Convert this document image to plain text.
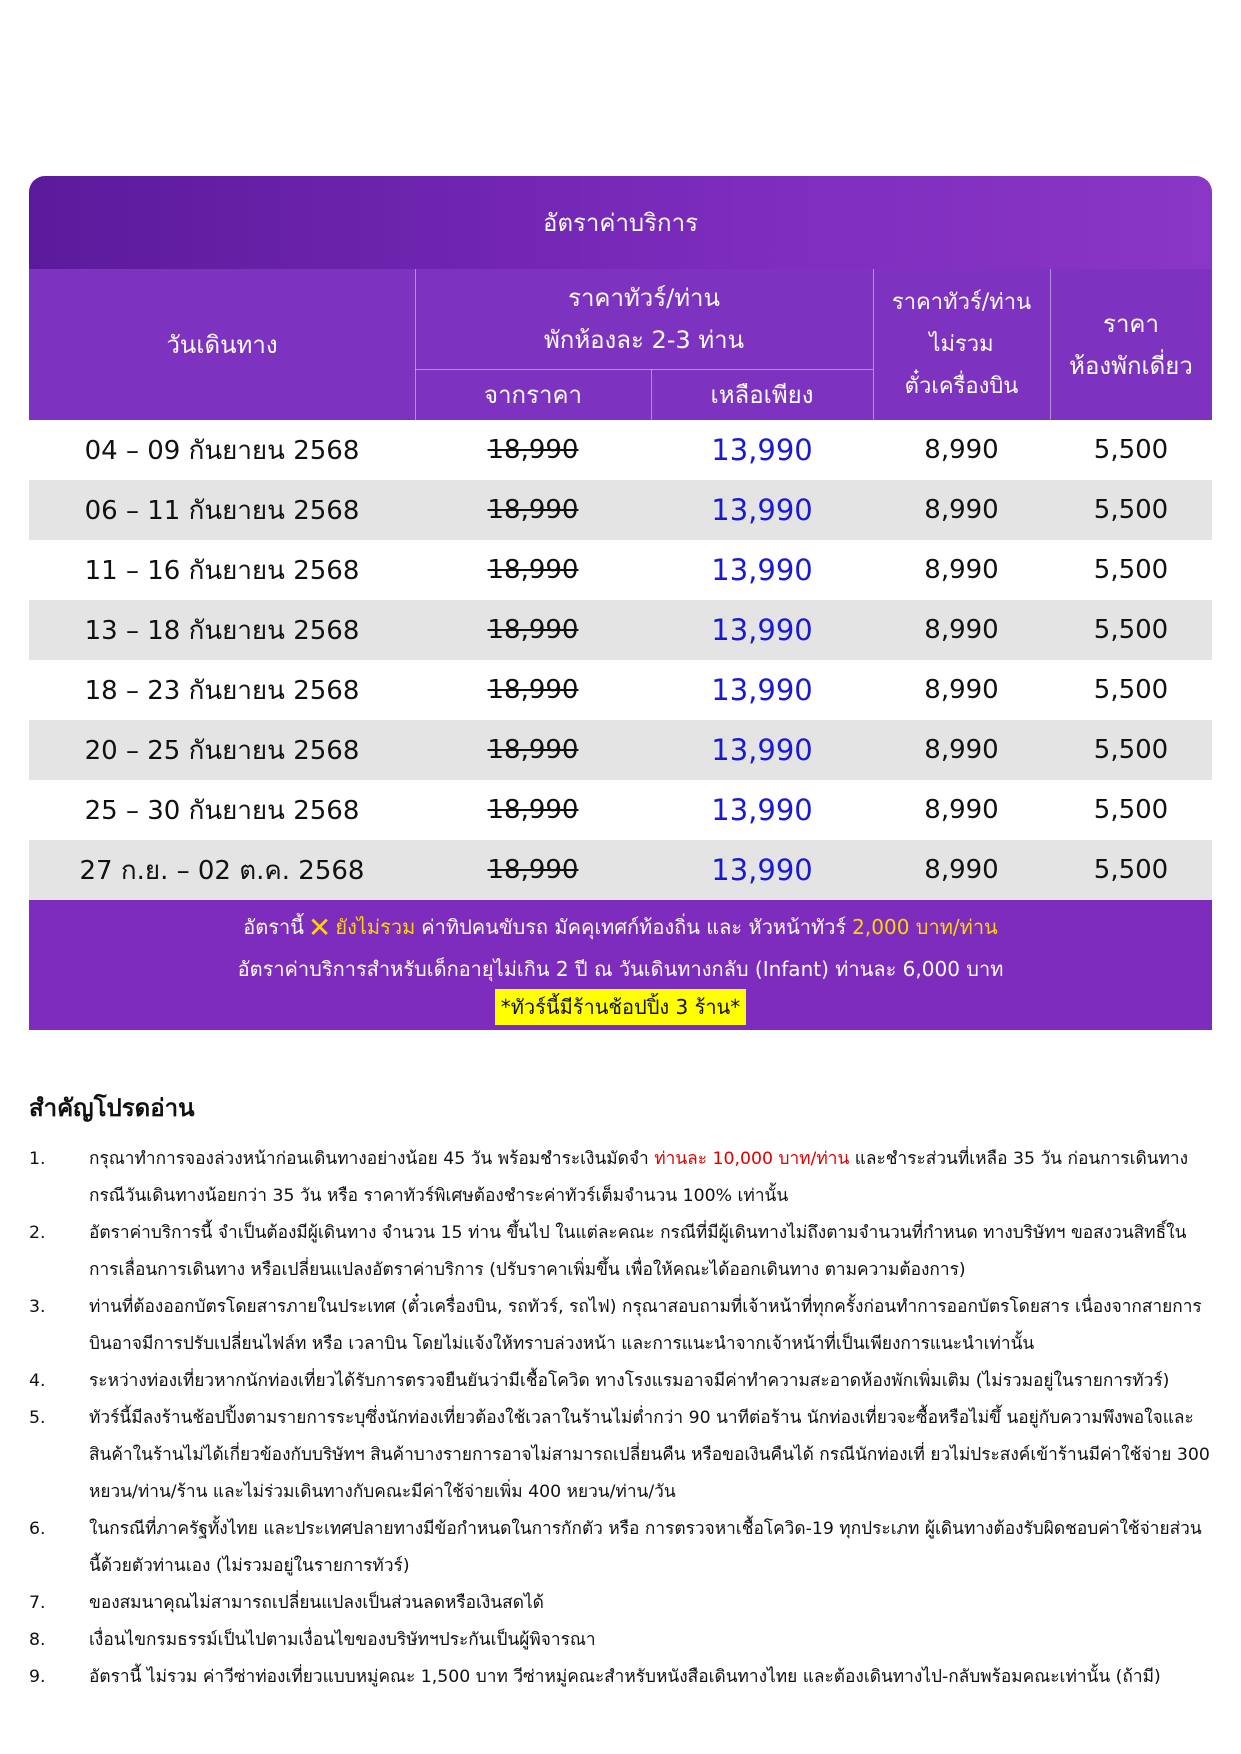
อัตราค่าบริการ
วันเดินทาง
ราคาทัวร์/ท่าน
พักห้องละ 2-3 ท่าน
จากราคา	เหลือเพียง
ราคาทัวร์/ท่าน
ไม่รวม
ตั๋วเครื่องบิน
ราคา
ห้องพักเดี่ยว
04 – 09 กันยายน 2568	18,990	13,990	8,990	5,500
06 – 11 กันยายน 2568	18,990	13,990	8,990	5,500
11 – 16 กันยายน 2568	18,990	13,990	8,990	5,500
13 – 18 กันยายน 2568	18,990	13,990	8,990	5,500
18 – 23 กันยายน 2568	18,990	13,990	8,990	5,500
20 – 25 กันยายน 2568	18,990	13,990	8,990	5,500
25 – 30 กันยายน 2568	18,990	13,990	8,990	5,500
27 ก.ย. – 02 ต.ค. 2568	18,990	13,990	8,990	5,500
อัตรานี้ ✕ ยังไม่รวม ค่าทิปคนขับรถ มัคคุเทศก์ท้องถิ่น และ หัวหน้าทัวร์ 2,000 บาท/ท่าน
อัตราค่าบริการสำหรับเด็กอายุไม่เกิน 2 ปี ณ วันเดินทางกลับ (Infant) ท่านละ 6,000 บาท
*ทัวร์นี้มีร้านช้อปปิ้ง 3 ร้าน*
สำคัญโปรดอ่าน
1.	กรุณาทำการจองล่วงหน้าก่อนเดินทางอย่างน้อย 45 วัน พร้อมชำระเงินมัดจำ ท่านละ 10,000 บาท/ท่าน และชำระส่วนที่เหลือ 35 วัน ก่อนการเดินทาง กรณีวันเดินทางน้อยกว่า 35 วัน หรือ ราคาทัวร์พิเศษต้องชำระค่าทัวร์เต็มจำนวน 100% เท่านั้น
2.	อัตราค่าบริการนี้ จำเป็นต้องมีผู้เดินทาง จำนวน 15 ท่าน ขึ้นไป ในแต่ละคณะ กรณีที่มีผู้เดินทางไม่ถึงตามจำนวนที่กำหนด ทางบริษัทฯ ขอสงวนสิทธิ์ในการเลื่อนการเดินทาง หรือเปลี่ยนแปลงอัตราค่าบริการ (ปรับราคาเพิ่มขึ้น เพื่อให้คณะได้ออกเดินทาง ตามความต้องการ)
3.	ท่านที่ต้องออกบัตรโดยสารภายในประเทศ (ตั๋วเครื่องบิน, รถทัวร์, รถไฟ) กรุณาสอบถามที่เจ้าหน้าที่ทุกครั้งก่อนทำการออกบัตรโดยสาร เนื่องจากสายการบินอาจมีการปรับเปลี่ยนไฟล์ท หรือ เวลาบิน โดยไม่แจ้งให้ทราบล่วงหน้า และการแนะนำจากเจ้าหน้าที่เป็นเพียงการแนะนำเท่านั้น
4.	ระหว่างท่องเที่ยวหากนักท่องเที่ยวได้รับการตรวจยืนยันว่ามีเชื้อโควิด ทางโรงแรมอาจมีค่าทำความสะอาดห้องพักเพิ่มเติม (ไม่รวมอยู่ในรายการทัวร์)
5.	ทัวร์นี้มีลงร้านช้อปปิ้งตามรายการระบุซึ่งนักท่องเที่ยวต้องใช้เวลาในร้านไม่ต่ำกว่า 90 นาทีต่อร้าน นักท่องเที่ยวจะซื้อหรือไม่ขึ้ นอยู่กับความพึงพอใจและสินค้าในร้านไม่ได้เกี่ยวข้องกับบริษัทฯ สินค้าบางรายการอาจไม่สามารถเปลี่ยนคืน หรือขอเงินคืนได้ กรณีนักท่องเที่ ยวไม่ประสงค์เข้าร้านมีค่าใช้จ่าย 300 หยวน/ท่าน/ร้าน และไม่ร่วมเดินทางกับคณะมีค่าใช้จ่ายเพิ่ม 400 หยวน/ท่าน/วัน
6.	ในกรณีที่ภาครัฐทั้งไทย และประเทศปลายทางมีข้อกำหนดในการกักตัว หรือ การตรวจหาเชื้อโควิด-19 ทุกประเภท ผู้เดินทางต้องรับผิดชอบค่าใช้จ่ายส่วนนี้ด้วยตัวท่านเอง (ไม่รวมอยู่ในรายการทัวร์)
7.	ของสมนาคุณไม่สามารถเปลี่ยนแปลงเป็นส่วนลดหรือเงินสดได้
8.	เงื่อนไขกรมธรรม์เป็นไปตามเงื่อนไขของบริษัทฯประกันเป็นผู้พิจารณา
9.	อัตรานี้ ไม่รวม ค่าวีซ่าท่องเที่ยวแบบหมู่คณะ 1,500 บาท วีซ่าหมู่คณะสำหรับหนังสือเดินทางไทย และต้องเดินทางไป-กลับพร้อมคณะเท่านั้น (ถ้ามี)
